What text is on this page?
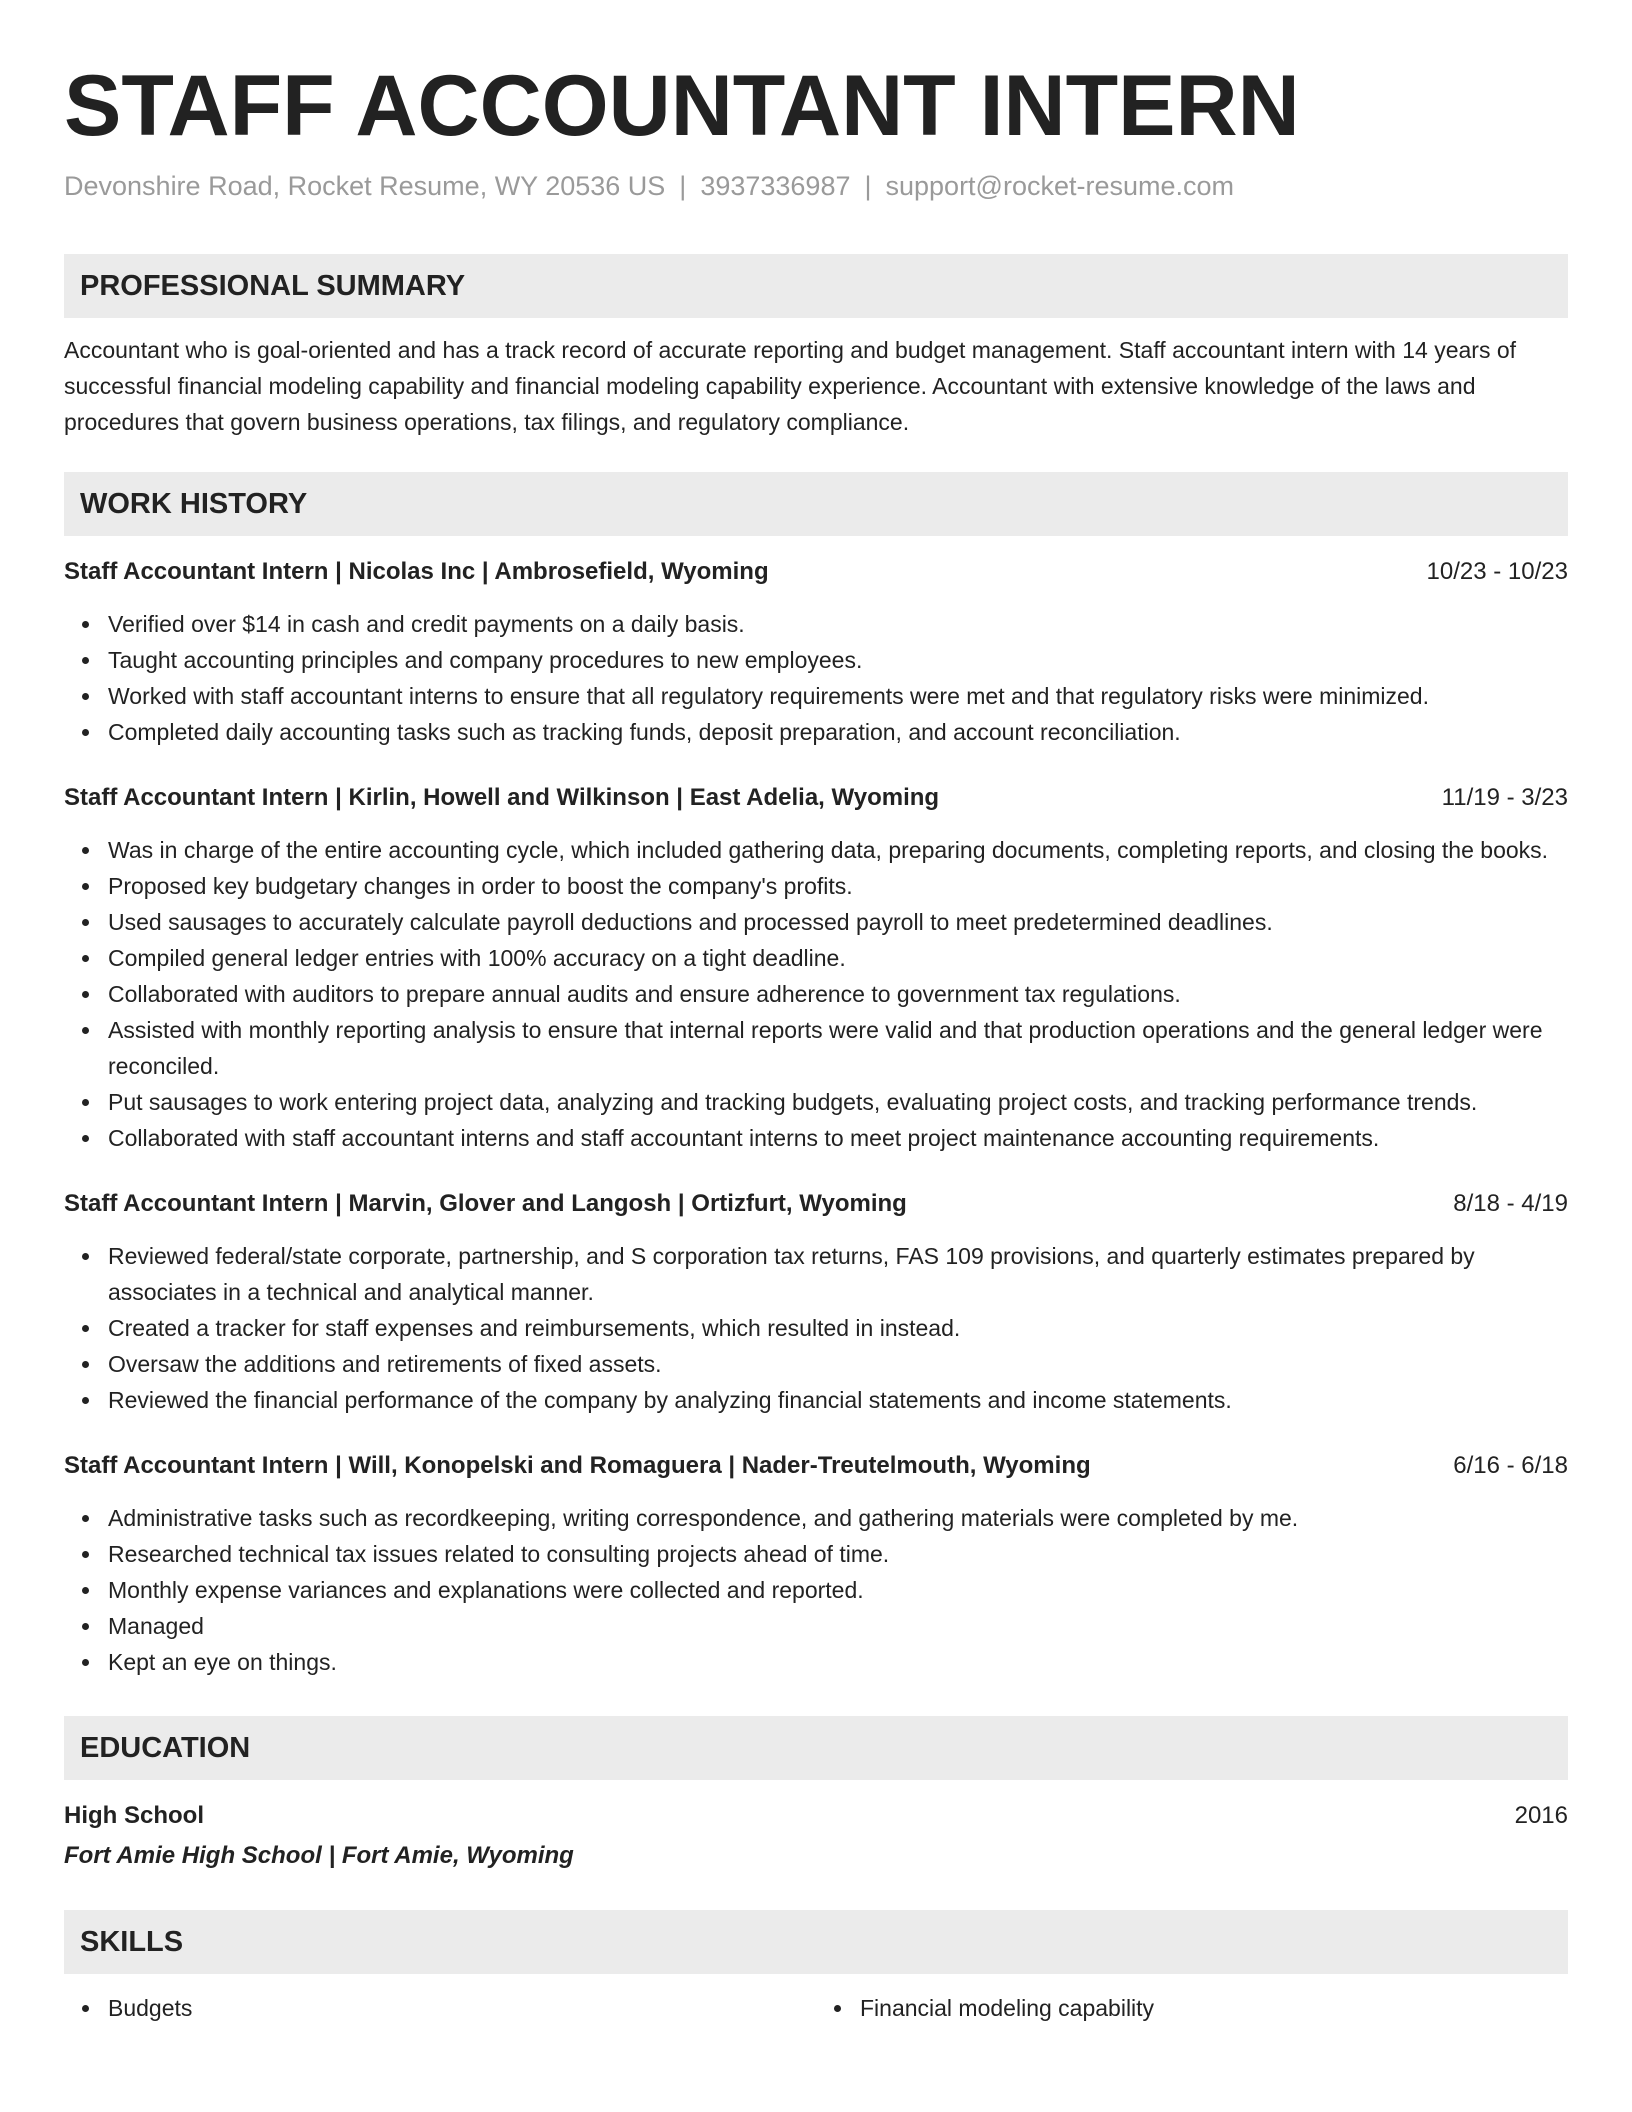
STAFF ACCOUNTANT INTERN
Devonshire Road, Rocket Resume, WY 20536 US | 3937336987 | support@rocket-resume.com
PROFESSIONAL SUMMARY

Accountant who is goal-oriented and has a track record of accurate reporting and budget management. Staff accountant intern with 14 years of successful financial modeling capability and financial modeling capability experience. Accountant with extensive knowledge of the laws and procedures that govern business operations, tax filings, and regulatory compliance.

WORK HISTORY
Staff Accountant Intern | Nicolas Inc | Ambrosefield, Wyoming	10/23 - 10/23
Verified over $14 in cash and credit payments on a daily basis.
Taught accounting principles and company procedures to new employees.
Worked with staff accountant interns to ensure that all regulatory requirements were met and that regulatory risks were minimized.
Completed daily accounting tasks such as tracking funds, deposit preparation, and account reconciliation.
Staff Accountant Intern | Kirlin, Howell and Wilkinson | East Adelia, Wyoming	11/19 - 3/23
Was in charge of the entire accounting cycle, which included gathering data, preparing documents, completing reports, and closing the books.
Proposed key budgetary changes in order to boost the company's profits.
Used sausages to accurately calculate payroll deductions and processed payroll to meet predetermined deadlines.
Compiled general ledger entries with 100% accuracy on a tight deadline.
Collaborated with auditors to prepare annual audits and ensure adherence to government tax regulations.
Assisted with monthly reporting analysis to ensure that internal reports were valid and that production operations and the general ledger were reconciled.
Put sausages to work entering project data, analyzing and tracking budgets, evaluating project costs, and tracking performance trends.
Collaborated with staff accountant interns and staff accountant interns to meet project maintenance accounting requirements.
Staff Accountant Intern | Marvin, Glover and Langosh | Ortizfurt, Wyoming	8/18 - 4/19
Reviewed federal/state corporate, partnership, and S corporation tax returns, FAS 109 provisions, and quarterly estimates prepared by associates in a technical and analytical manner.
Created a tracker for staff expenses and reimbursements, which resulted in instead.
Oversaw the additions and retirements of fixed assets.
Reviewed the financial performance of the company by analyzing financial statements and income statements.
Staff Accountant Intern | Will, Konopelski and Romaguera | Nader-Treutelmouth, Wyoming	6/16 - 6/18
Administrative tasks such as recordkeeping, writing correspondence, and gathering materials were completed by me.
Researched technical tax issues related to consulting projects ahead of time.
Monthly expense variances and explanations were collected and reported.
Managed
Kept an eye on things.
EDUCATION
High School	2016
Fort Amie High School | Fort Amie, Wyoming
SKILLS
Budgets	Financial modeling capability
